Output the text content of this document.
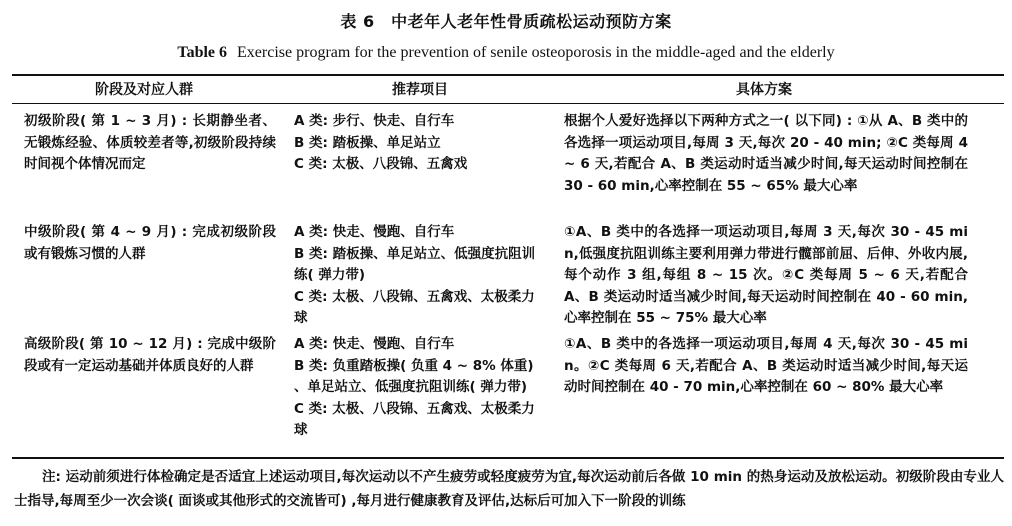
表 6　中老年人老年性骨质疏松运动预防方案
Table 6 Exercise program for the prevention of senile osteoporosis in the middle-aged and the elderly
阶段及对应人群	推荐项目	具体方案
初级阶段( 第 1 ~ 3 月) : 长期静坐者、无锻炼经验、体质较差者等,初级阶段持续时间视个体情况而定
A 类: 步行、快走、自行车
B 类: 踏板操、单足站立
C 类: 太极、八段锦、五禽戏
根据个人爱好选择以下两种方式之一( 以下同) : ①从 A、B 类中的各选择一项运动项目,每周 3 天,每次 20 - 40 min; ②C 类每周 4 ~ 6 天,若配合 A、B 类运动时适当减少时间,每天运动时间控制在 30 - 60 min,心率控制在 55 ~ 65% 最大心率
中级阶段( 第 4 ~ 9 月) : 完成初级阶段或有锻炼习惯的人群
A 类: 快走、慢跑、自行车
B 类: 踏板操、单足站立、低强度抗阻训练( 弹力带)
C 类: 太极、八段锦、五禽戏、太极柔力球
①A、B 类中的各选择一项运动项目,每周 3 天,每次 30 - 45 min,低强度抗阻训练主要利用弹力带进行髋部前屈、后伸、外收内展,每个动作 3 组,每组 8 ~ 15 次。②C 类每周 5 ~ 6 天,若配合 A、B 类运动时适当减少时间,每天运动时间控制在 40 - 60 min,心率控制在 55 ~ 75% 最大心率
高级阶段( 第 10 ~ 12 月) : 完成中级阶段或有一定运动基础并体质良好的人群
A 类: 快走、慢跑、自行车
B 类: 负重踏板操( 负重 4 ~ 8% 体重) 、单足站立、低强度抗阻训练( 弹力带)
C 类: 太极、八段锦、五禽戏、太极柔力球
①A、B 类中的各选择一项运动项目,每周 4 天,每次 30 - 45 min。②C 类每周 6 天,若配合 A、B 类运动时适当减少时间,每天运动时间控制在 40 - 70 min,心率控制在 60 ~ 80% 最大心率
注: 运动前须进行体检确定是否适宜上述运动项目,每次运动以不产生疲劳或轻度疲劳为宜,每次运动前后各做 10 min 的热身运动及放松运动。初级阶段由专业人士指导,每周至少一次会谈( 面谈或其他形式的交流皆可) ,每月进行健康教育及评估,达标后可加入下一阶段的训练
